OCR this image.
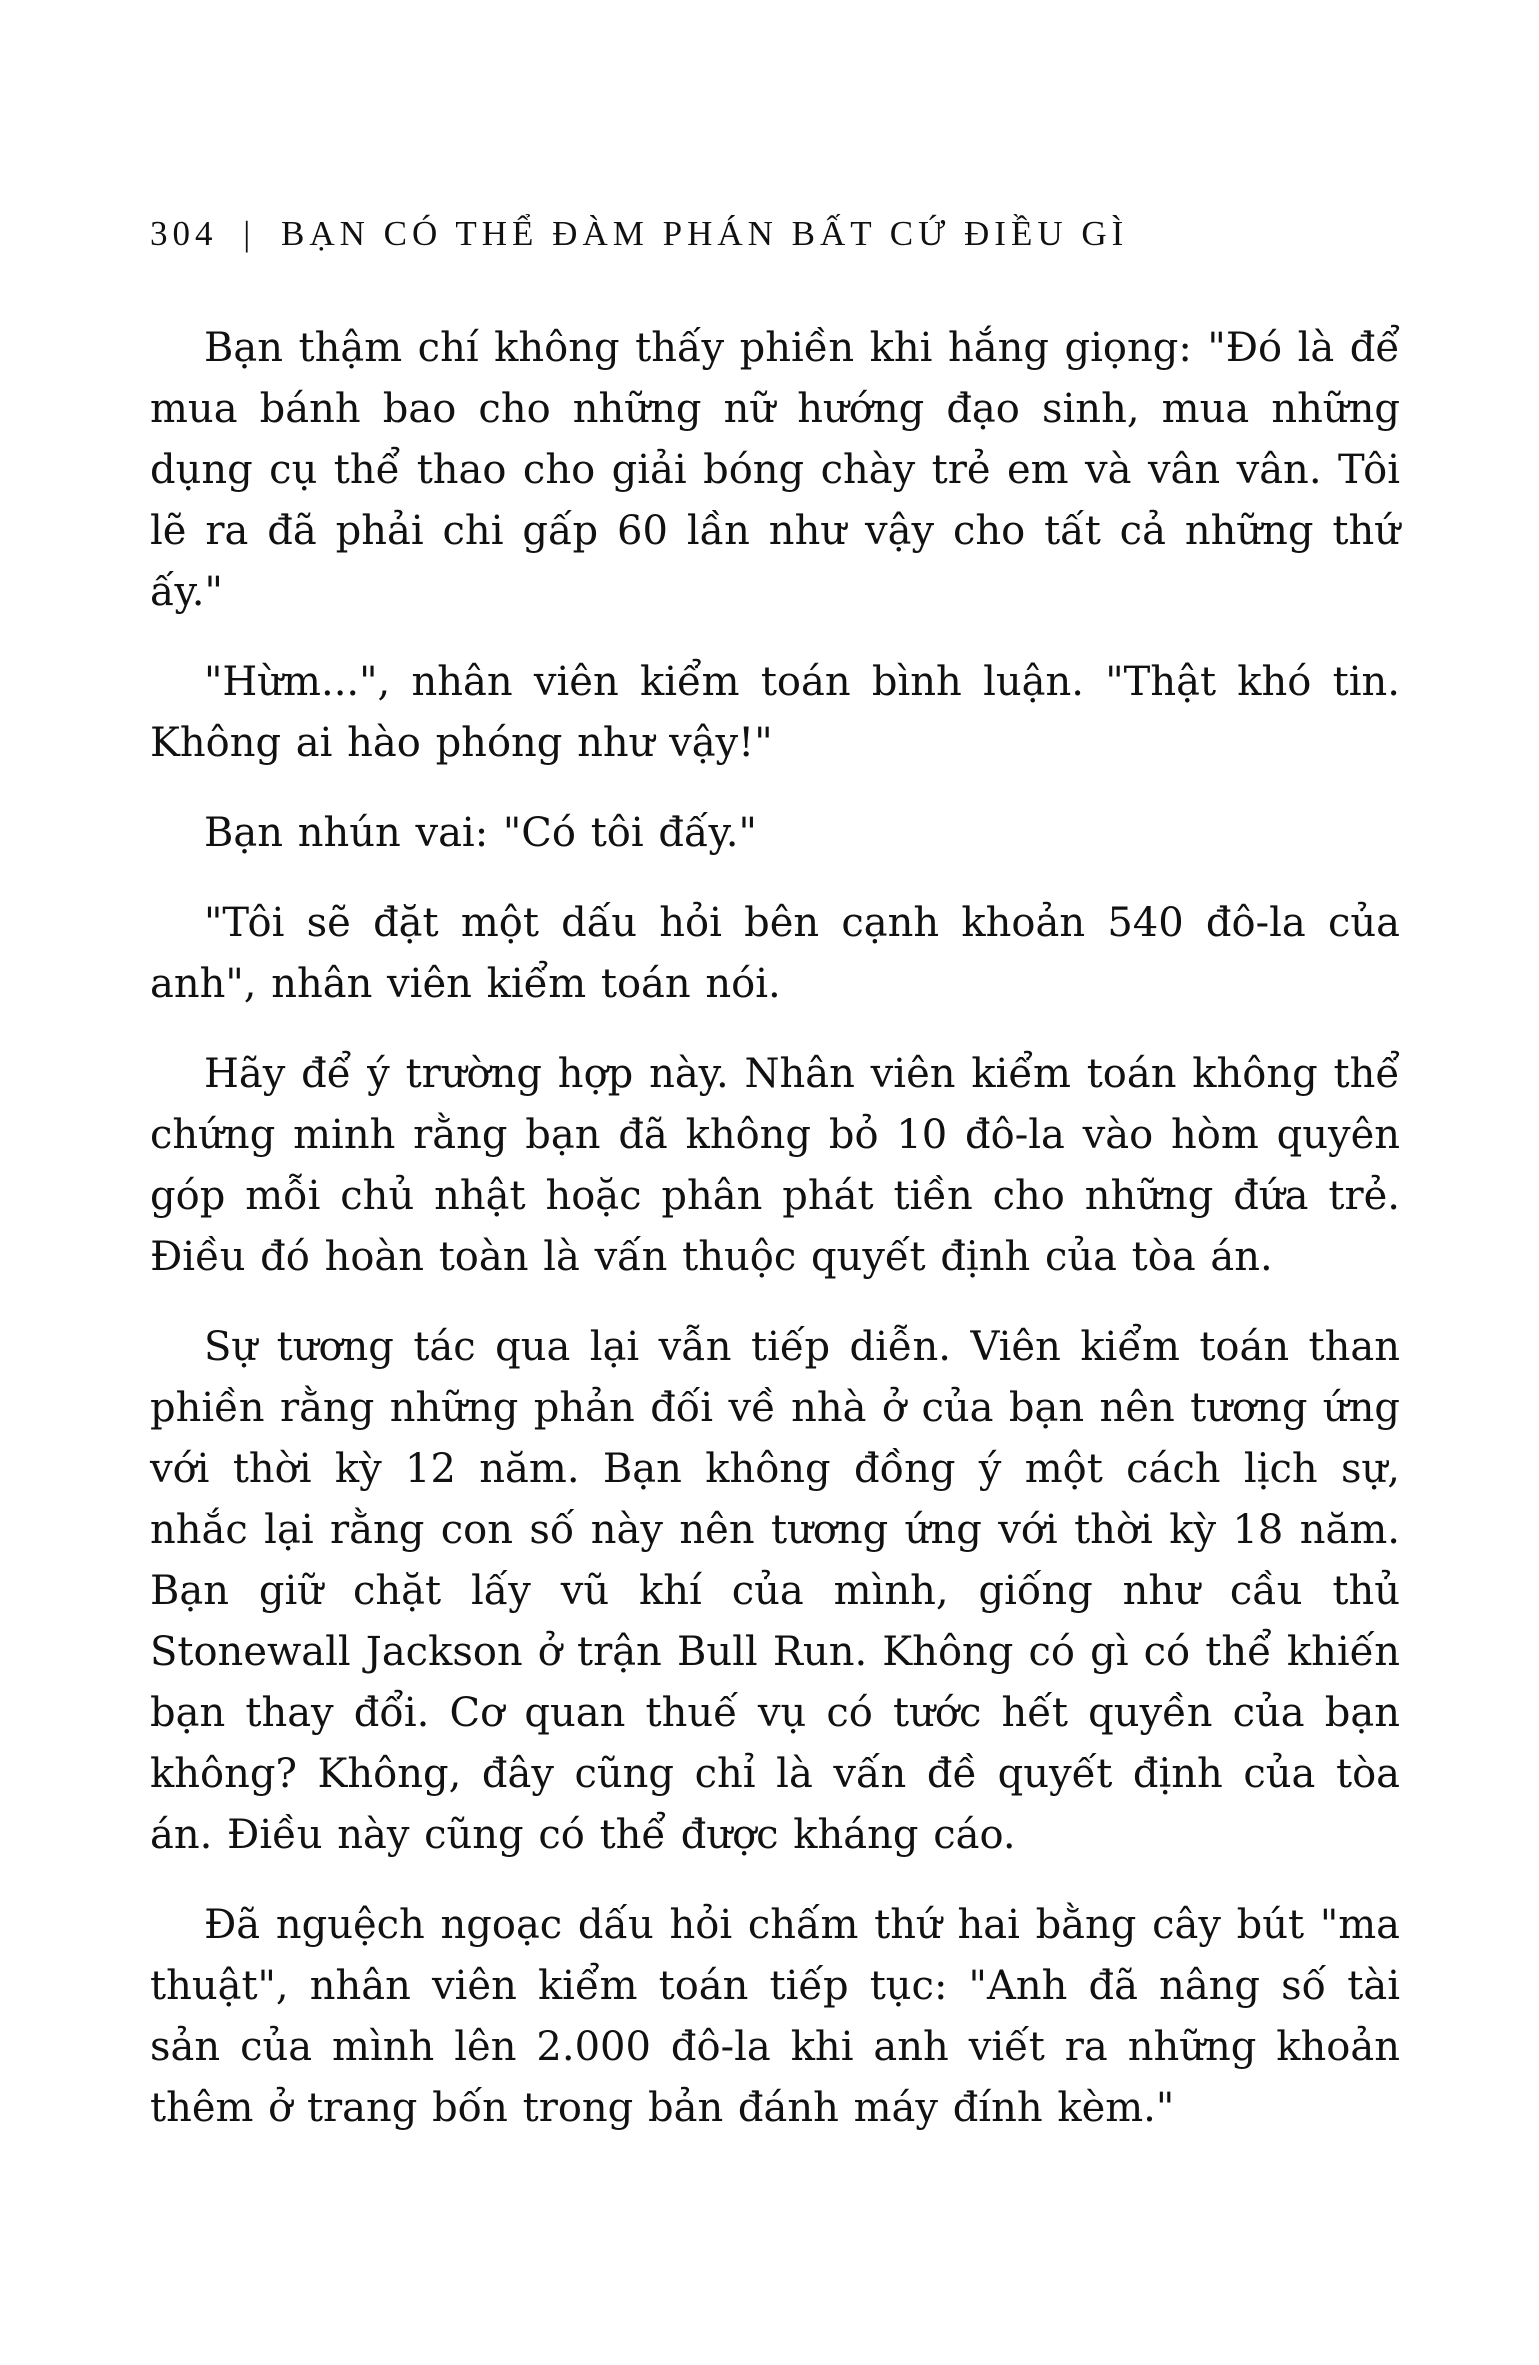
304 | BẠN CÓ THỂ ĐÀM PHÁN BẤT CỨ ĐIỀU GÌ

Bạn thậm chí không thấy phiền khi hắng giọng: "Đó là để mua bánh bao cho những nữ hướng đạo sinh, mua những dụng cụ thể thao cho giải bóng chày trẻ em và vân vân. Tôi lẽ ra đã phải chi gấp 60 lần như vậy cho tất cả những thứ ấy."

"Hừm...", nhân viên kiểm toán bình luận. "Thật khó tin. Không ai hào phóng như vậy!"

Bạn nhún vai: "Có tôi đấy."

"Tôi sẽ đặt một dấu hỏi bên cạnh khoản 540 đô-la của anh", nhân viên kiểm toán nói.

Hãy để ý trường hợp này. Nhân viên kiểm toán không thể chứng minh rằng bạn đã không bỏ 10 đô-la vào hòm quyên góp mỗi chủ nhật hoặc phân phát tiền cho những đứa trẻ. Điều đó hoàn toàn là vấn thuộc quyết định của tòa án.

Sự tương tác qua lại vẫn tiếp diễn. Viên kiểm toán than phiền rằng những phản đối về nhà ở của bạn nên tương ứng với thời kỳ 12 năm. Bạn không đồng ý một cách lịch sự, nhắc lại rằng con số này nên tương ứng với thời kỳ 18 năm. Bạn giữ chặt lấy vũ khí của mình, giống như cầu thủ Stonewall Jackson ở trận Bull Run. Không có gì có thể khiến bạn thay đổi. Cơ quan thuế vụ có tước hết quyền của bạn không? Không, đây cũng chỉ là vấn đề quyết định của tòa án. Điều này cũng có thể được kháng cáo.

Đã nguệch ngoạc dấu hỏi chấm thứ hai bằng cây bút "ma thuật", nhân viên kiểm toán tiếp tục: "Anh đã nâng số tài sản của mình lên 2.000 đô-la khi anh viết ra những khoản thêm ở trang bốn trong bản đánh máy đính kèm."
